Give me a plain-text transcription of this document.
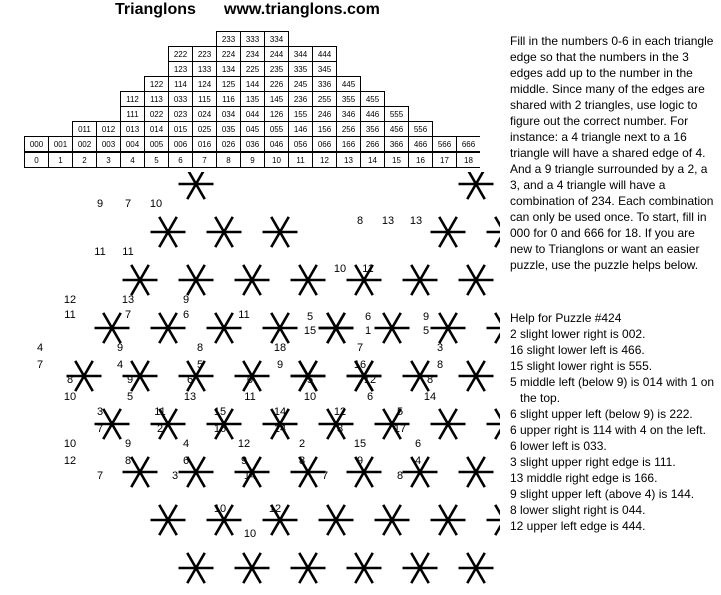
Trianglons www.trianglons.com
233 333 334
222 223 224 234 244 344 444
123 133 134 225 235 335 345
122 114 124 125 144 226 245 336 445
112 113 033 115 116 135 145 236 255 355 455
111 022 023 024 034 044 126 155 246 346 446 555
011 012 013 014 015 025 035 045 055 146 156 256 356 456 556
000 001 002 003 004 005 006 016 026 036 046 056 066 166 266 366 466 566 666
0 1 2 3 4 5 6 7 8 9 10 11 12 13 14 15 16 17 18
9 7 10
8 13 13
11 11
10 11
12	13	9
5	6	9
11	7	6	11
15	1	5
4	9	8	18	7	3
7	4	5	9	16	8
8	9	6	0	5	12	8
10	5	13	11	10	6	14
3	11	15	14	12	5
7	2	16	14	8	17
10	9	4	12	2	15	6
12	8	6	9	8	9	4
7	3	14	7	8
10	12
10
Fill in the numbers 0-6 in each triangle edge so that the numbers in the 3 edges add up to the number in the middle. Since many of the edges are shared with 2 triangles, use logic to figure out the correct number. For instance: a 4 triangle next to a 16 triangle will have a shared edge of 4. And a 9 triangle surrounded by a 2, a 3, and a 4 triangle will have a combination of 234. Each combination can only be used once. To start, fill in 000 for 0 and 666 for 18. If you are new to Trianglons or want an easier puzzle, use the puzzle helps below.
Help for Puzzle #424
2 slight lower right is 002.
16 slight lower left is 466.
15 slight lower right is 555.
5 middle left (below 9) is 014 with 1 on the top.
6 slight upper left (below 9) is 222.
6 upper right is 114 with 4 on the left.
6 lower left is 033.
3 slight upper right edge is 111.
13 middle right edge is 166.
9 slight upper left (above 4) is 144.
8 lower slight right is 044.
12 upper left edge is 444.
